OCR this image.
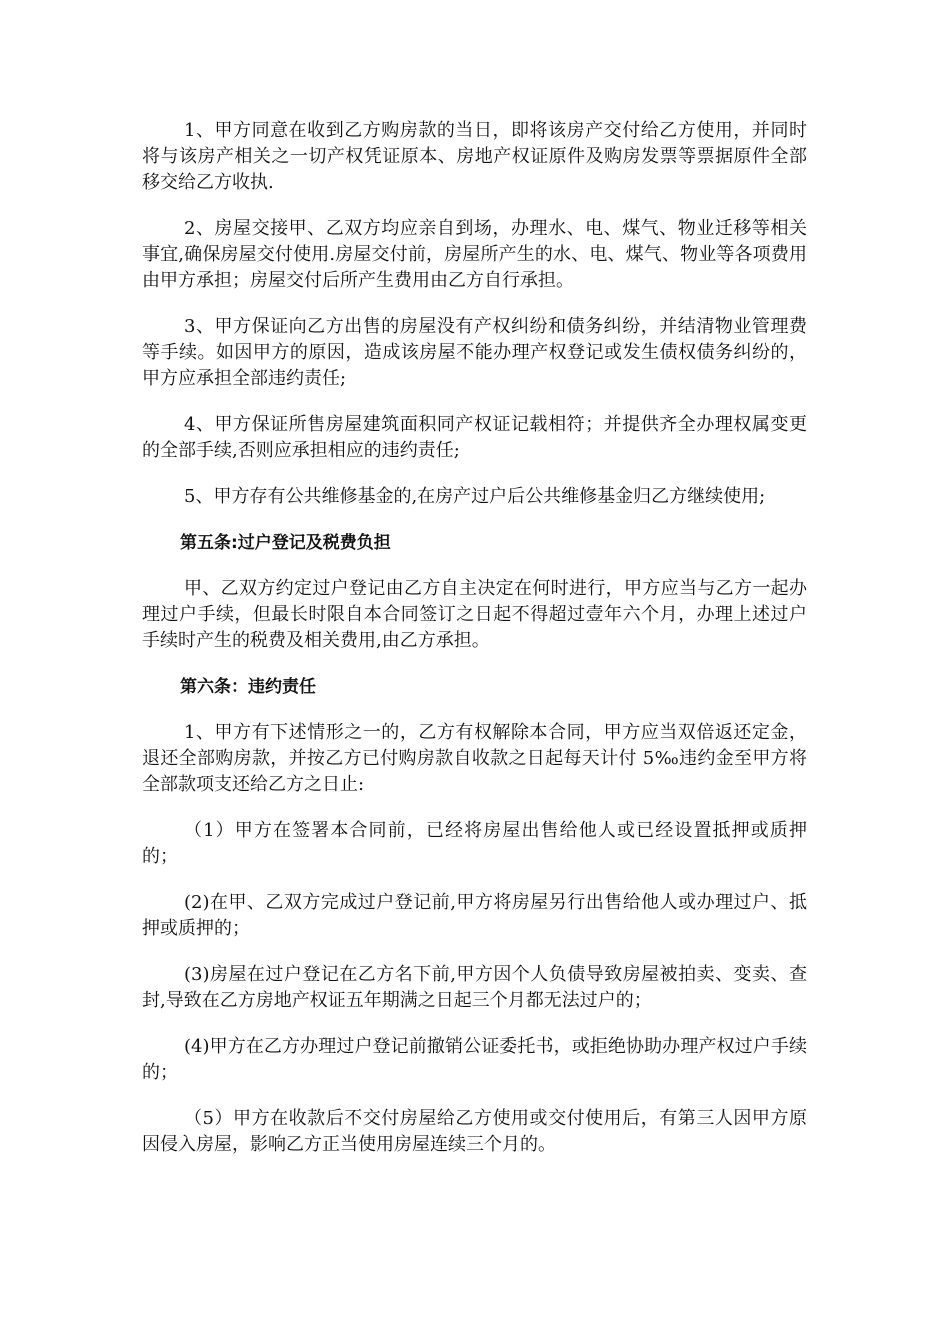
1、甲方同意在收到乙方购房款的当日，即将该房产交付给乙方使用，并同时将与该房产相关之一切产权凭证原本、房地产权证原件及购房发票等票据原件全部移交给乙方收执.

2、房屋交接甲、乙双方均应亲自到场，办理水、电、煤气、物业迁移等相关事宜,确保房屋交付使用.房屋交付前，房屋所产生的水、电、煤气、物业等各项费用由甲方承担；房屋交付后所产生费用由乙方自行承担。

3、甲方保证向乙方出售的房屋没有产权纠纷和债务纠纷，并结清物业管理费等手续。如因甲方的原因，造成该房屋不能办理产权登记或发生债权债务纠纷的，甲方应承担全部违约责任;

4、甲方保证所售房屋建筑面积同产权证记载相符；并提供齐全办理权属变更的全部手续,否则应承担相应的违约责任;

5、甲方存有公共维修基金的,在房产过户后公共维修基金归乙方继续使用;

第五条:过户登记及税费负担

甲、乙双方约定过户登记由乙方自主决定在何时进行，甲方应当与乙方一起办理过户手续，但最长时限自本合同签订之日起不得超过壹年六个月，办理上述过户手续时产生的税费及相关费用,由乙方承担。

第六条：违约责任

1、甲方有下述情形之一的，乙方有权解除本合同，甲方应当双倍返还定金，退还全部购房款，并按乙方已付购房款自收款之日起每天计付 5‰违约金至甲方将全部款项支还给乙方之日止:

（1）甲方在签署本合同前，已经将房屋出售给他人或已经设置抵押或质押的；

(2)在甲、乙双方完成过户登记前,甲方将房屋另行出售给他人或办理过户、抵押或质押的；

(3)房屋在过户登记在乙方名下前,甲方因个人负债导致房屋被拍卖、变卖、查封,导致在乙方房地产权证五年期满之日起三个月都无法过户的；

(4)甲方在乙方办理过户登记前撤销公证委托书，或拒绝协助办理产权过户手续的；

（5）甲方在收款后不交付房屋给乙方使用或交付使用后，有第三人因甲方原因侵入房屋，影响乙方正当使用房屋连续三个月的。
